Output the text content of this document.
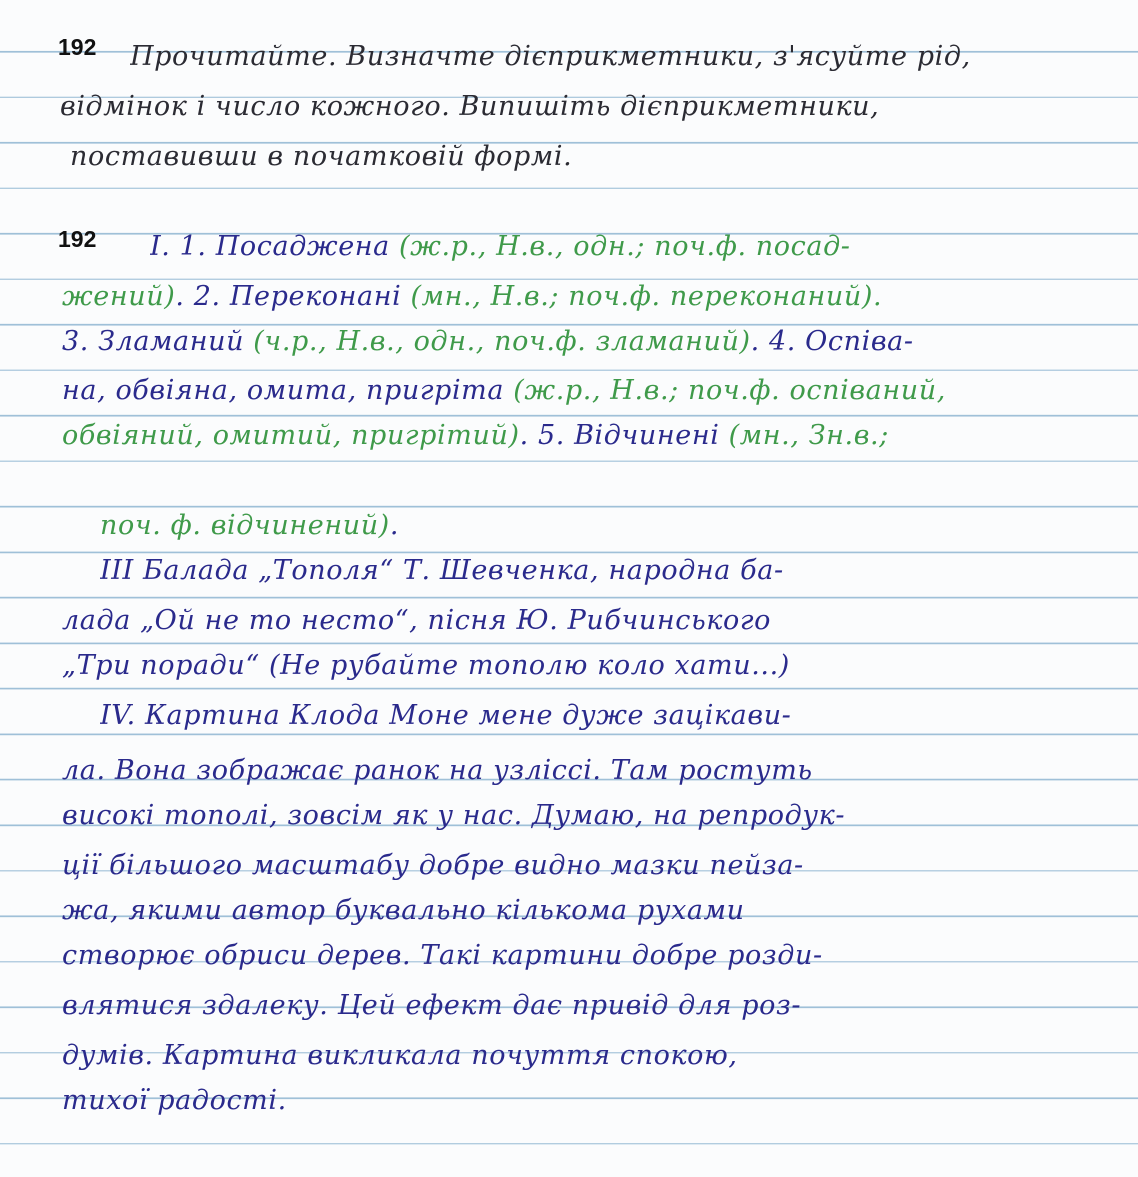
192 Прочитайте. Визначте дієприкметники, з'ясуйте рід,
відмінок і число кожного. Випишіть дієприкметники,
поставивши в початковій формі.
192 І. 1. Посаджена (ж.р., Н.в., одн.; поч.ф. посад-
жений). 2. Переконані (мн., Н.в.; поч.ф. переконаний).
3. Зламаний (ч.р., Н.в., одн., поч.ф. зламаний). 4. Оспіва-
на, обвіяна, омита, пригріта (ж.р., Н.в.; поч.ф. оспіваний,
обвіяний, омитий, пригрітий). 5. Відчинені (мн., Зн.в.;
поч. ф. відчинений).
ІІІ Балада „Тополя“ Т. Шевченка, народна ба-
лада „Ой не то несто“, пісня Ю. Рибчинського
„Три поради“ (Не рубайте тополю коло хати...)
IV. Картина Клода Моне мене дуже зацікави-
ла. Вона зображає ранок на узліссі. Там ростуть
високі тополі, зовсім як у нас. Думаю, на репродук-
ції більшого масштабу добре видно мазки пейза-
жа, якими автор буквально кількома рухами
створює обриси дерев. Такі картини добре розди-
влятися здалеку. Цей ефект дає привід для роз-
думів. Картина викликала почуття спокою,
тихої радості.
